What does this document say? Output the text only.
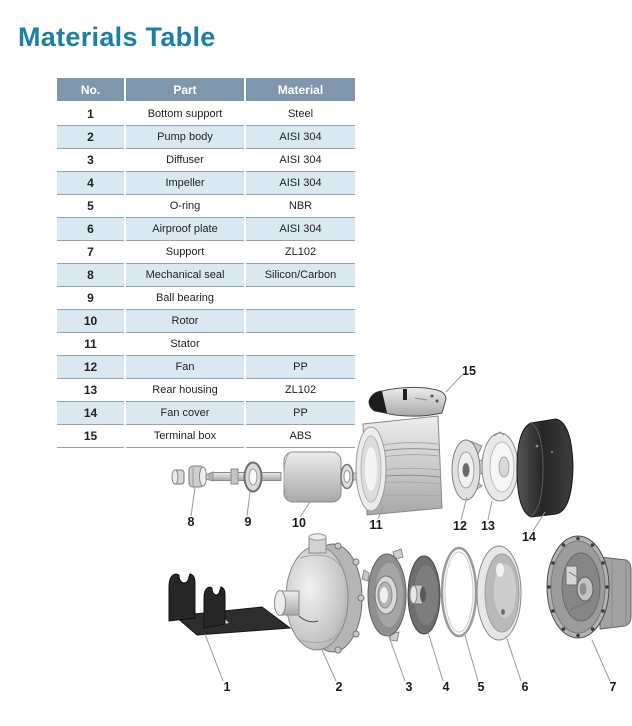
Materials Table
No.	Part	Material
1	Bottom support	Steel
2	Pump body	AISI 304
3	Diffuser	AISI 304
4	Impeller	AISI 304
5	O-ring	NBR
6	Airproof plate	AISI 304
7	Support	ZL102
8	Mechanical seal	Silicon/Carbon
9	Ball bearing	
10	Rotor	
11	Stator	
12	Fan	PP
13	Rear housing	ZL102
14	Fan cover	PP
15	Terminal box	ABS
1	2	3 4 5	6	7
8	9	10	11	12 13
14
15
